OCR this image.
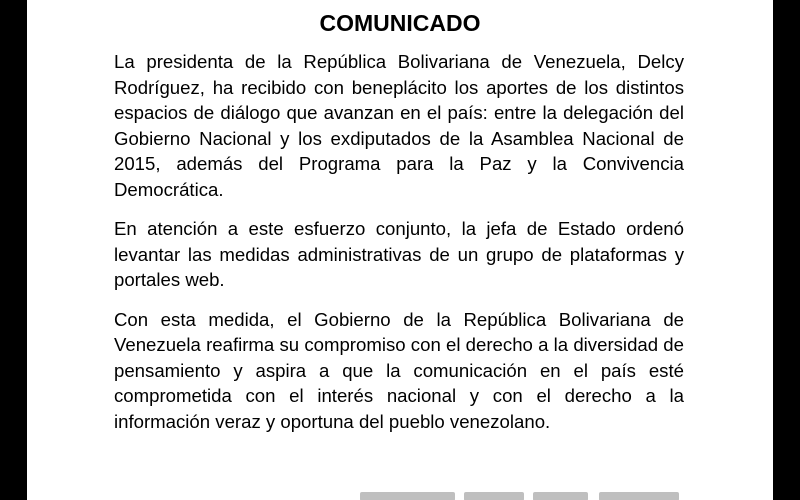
COMUNICADO

La presidenta de la República Bolivariana de Venezuela, Delcy Rodríguez, ha recibido con beneplácito los aportes de los distintos espacios de diálogo que avanzan en el país: entre la delegación del Gobierno Nacional y los exdiputados de la Asamblea Nacional de 2015, además del Programa para la Paz y la Convivencia Democrática.

En atención a este esfuerzo conjunto, la jefa de Estado ordenó levantar las medidas administrativas de un grupo de plataformas y portales web.

Con esta medida, el Gobierno de la República Bolivariana de Venezuela reafirma su compromiso con el derecho a la diversidad de pensamiento y aspira a que la comunicación en el país esté comprometida con el interés nacional y con el derecho a la información veraz y oportuna del pueblo venezolano.
